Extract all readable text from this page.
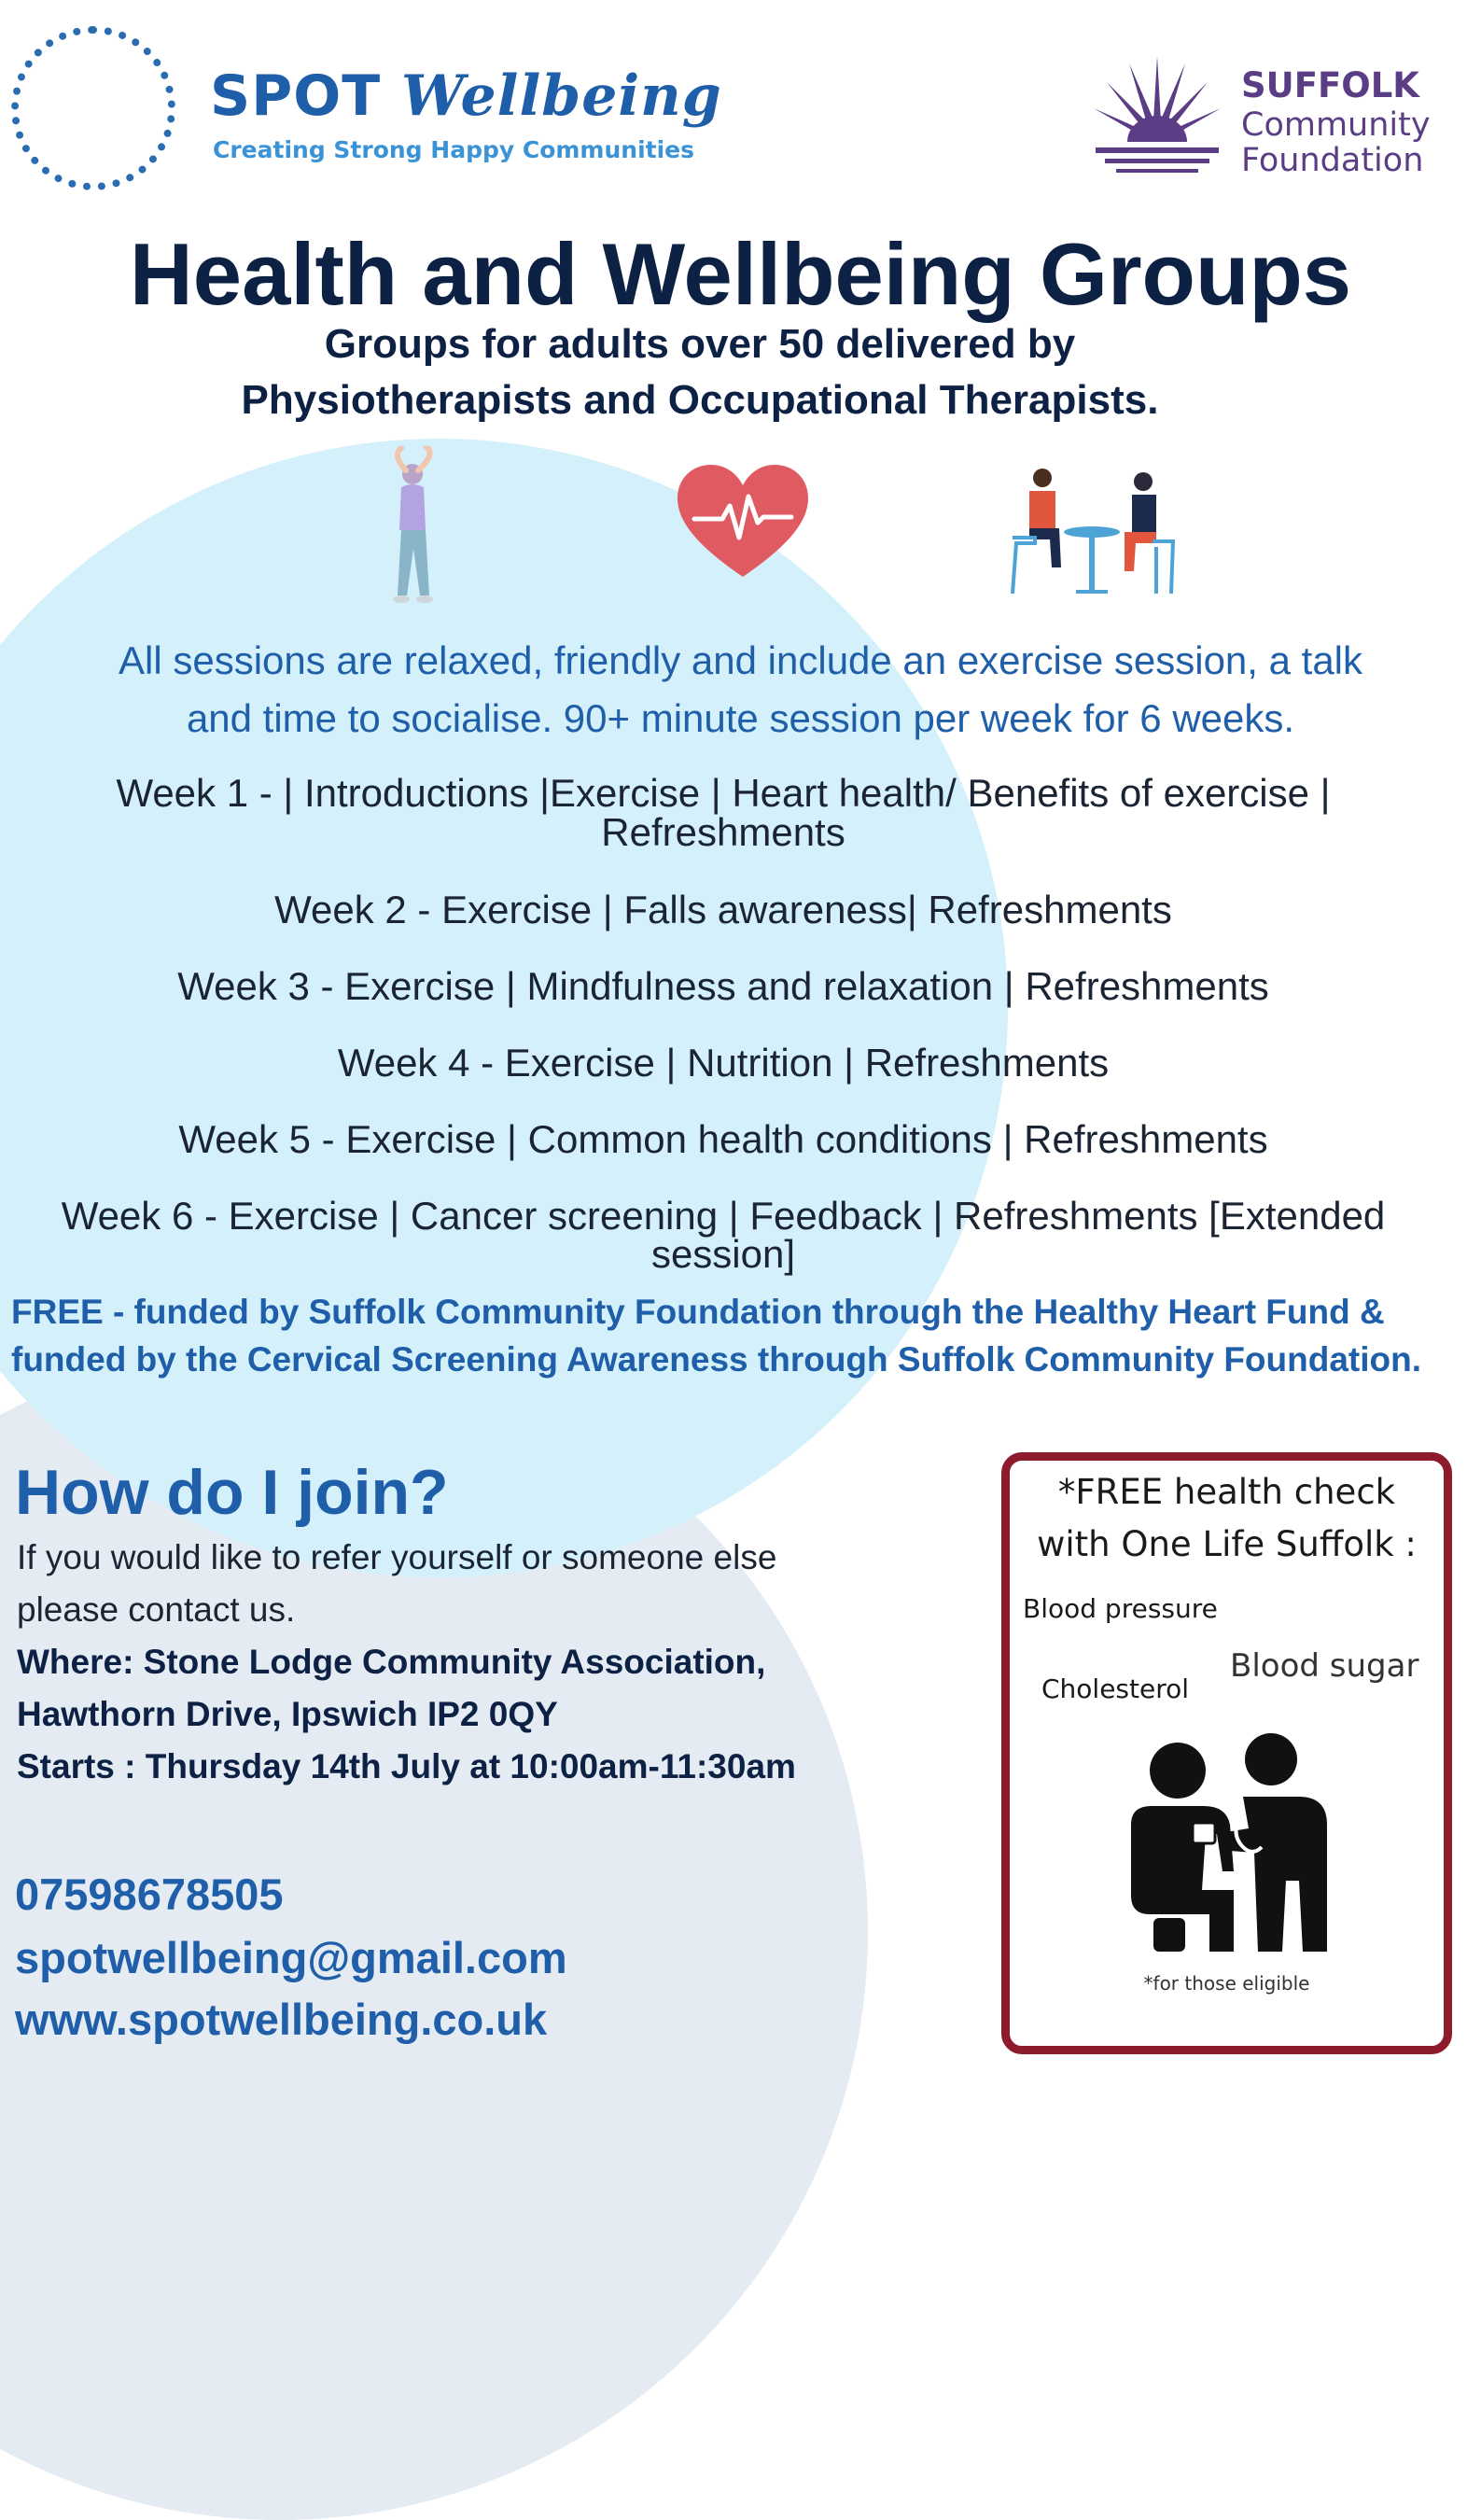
SPOT Wellbeing
Creating Strong Happy Communities
SUFFOLK
Community
Foundation
Health and Wellbeing Groups
Groups for adults over 50 delivered by
Physiotherapists and Occupational Therapists.
All sessions are relaxed, friendly and include an exercise session, a talk
and time to socialise. 90+ minute session per week for 6 weeks.
Week 1 - | Introductions |Exercise | Heart health/ Benefits of exercise |
Refreshments
Week 2 - Exercise | Falls awareness| Refreshments
Week 3 - Exercise | Mindfulness and relaxation | Refreshments
Week 4 - Exercise | Nutrition | Refreshments
Week 5 - Exercise | Common health conditions | Refreshments
Week 6 - Exercise | Cancer screening | Feedback | Refreshments [Extended
session]
FREE - funded by Suffolk Community Foundation through the Healthy Heart Fund & funded by the Cervical Screening Awareness through Suffolk Community Foundation.
How do I join?
If you would like to refer yourself or someone else
please contact us.
Where: Stone Lodge Community Association,
Hawthorn Drive, Ipswich IP2 0QY
Starts : Thursday 14th July at 10:00am-11:30am
07598678505
spotwellbeing@gmail.com
www.spotwellbeing.co.uk
*FREE health check
with One Life Suffolk :
Blood pressure
Cholesterol
Blood sugar
*for those eligible
